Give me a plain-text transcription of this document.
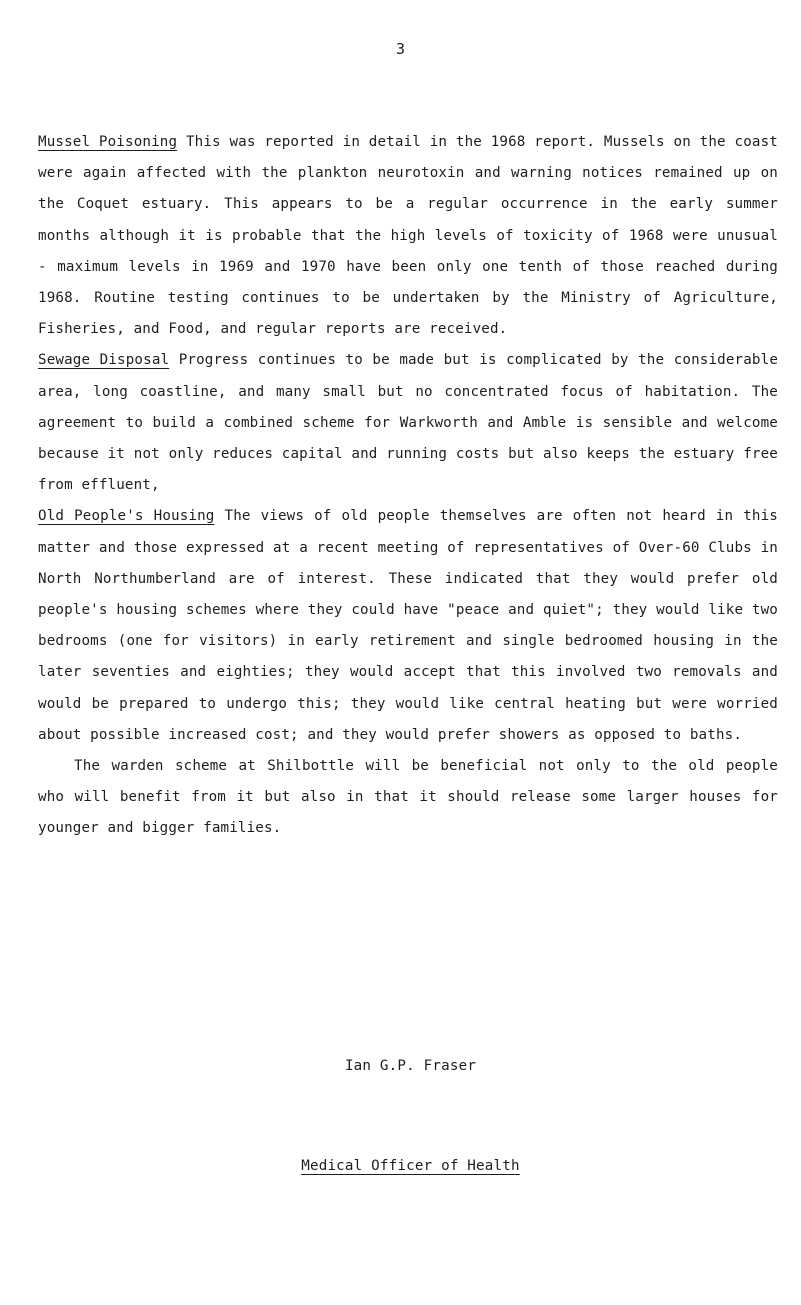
3

Mussel Poisoning This was reported in detail in the 1968 report. Mussels on the coast were again affected with the plankton neurotoxin and warning notices remained up on the Coquet estuary. This appears to be a regular occurrence in the early summer months although it is probable that the high levels of toxicity of 1968 were unusual - maximum levels in 1969 and 1970 have been only one tenth of those reached during 1968. Routine testing continues to be undertaken by the Ministry of Agriculture, Fisheries, and Food, and regular reports are received.

Sewage Disposal Progress continues to be made but is complicated by the considerable area, long coastline, and many small but no concentrated focus of habitation. The agreement to build a combined scheme for Warkworth and Amble is sensible and welcome because it not only reduces capital and running costs but also keeps the estuary free from effluent,

Old People's Housing The views of old people themselves are often not heard in this matter and those expressed at a recent meeting of representatives of Over-60 Clubs in North Northumberland are of interest. These indicated that they would prefer old people's housing schemes where they could have "peace and quiet"; they would like two bedrooms (one for visitors) in early retirement and single bedroomed housing in the later seventies and eighties; they would accept that this involved two removals and would be prepared to undergo this; they would like central heating but were worried about possible increased cost; and they would prefer showers as opposed to baths.

The warden scheme at Shilbottle will be beneficial not only to the old people who will benefit from it but also in that it should release some larger houses for younger and bigger families.

Ian G.P. Fraser
Medical Officer of Health
